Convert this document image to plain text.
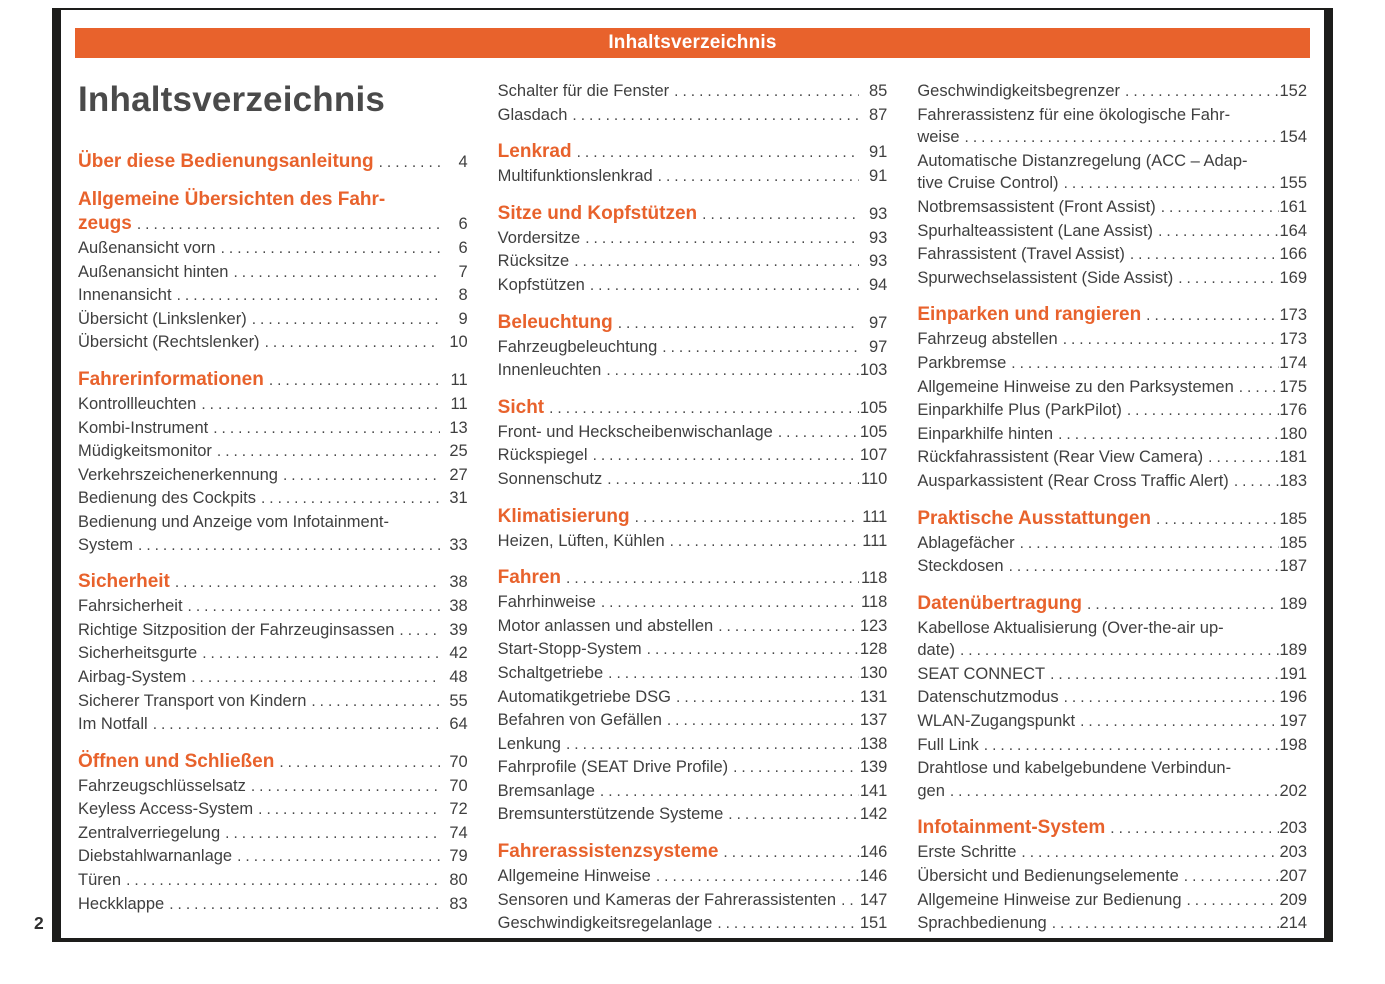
Inhaltsverzeichnis
Inhaltsverzeichnis
Über diese Bedienungsanleitung .....	4
Allgemeine Übersichten des Fahr-
zeugs .....	6
Außenansicht vorn .....	6
Außenansicht hinten .....	7
Innenansicht .....	8
Übersicht (Linkslenker) .....	9
Übersicht (Rechtslenker) .....	10
Fahrerinformationen .....	11
Kontrollleuchten .....	11
Kombi-Instrument .....	13
Müdigkeitsmonitor .....	25
Verkehrszeichenerkennung .....	27
Bedienung des Cockpits .....	31
Bedienung und Anzeige vom Infotainment-
System .....	33
Sicherheit .....	38
Fahrsicherheit .....	38
Richtige Sitzposition der Fahrzeuginsassen .....	39
Sicherheitsgurte .....	42
Airbag-System .....	48
Sicherer Transport von Kindern .....	55
Im Notfall .....	64
Öffnen und Schließen .....	70
Fahrzeugschlüsselsatz .....	70
Keyless Access-System .....	72
Zentralverriegelung .....	74
Diebstahlwarnanlage .....	79
Türen .....	80
Heckklappe .....	83
Schalter für die Fenster .....	85
Glasdach .....	87
Lenkrad .....	91
Multifunktionslenkrad .....	91
Sitze und Kopfstützen .....	93
Vordersitze .....	93
Rücksitze .....	93
Kopfstützen .....	94
Beleuchtung .....	97
Fahrzeugbeleuchtung .....	97
Innenleuchten .....	103
Sicht .....	105
Front- und Heckscheibenwischanlage .....	105
Rückspiegel .....	107
Sonnenschutz .....	110
Klimatisierung .....	111
Heizen, Lüften, Kühlen .....	111
Fahren .....	118
Fahrhinweise .....	118
Motor anlassen und abstellen .....	123
Start-Stopp-System .....	128
Schaltgetriebe .....	130
Automatikgetriebe DSG .....	131
Befahren von Gefällen .....	137
Lenkung .....	138
Fahrprofile (SEAT Drive Profile) .....	139
Bremsanlage .....	141
Bremsunterstützende Systeme .....	142
Fahrerassistenzsysteme .....	146
Allgemeine Hinweise .....	146
Sensoren und Kameras der Fahrerassistenten ..... 147
Geschwindigkeitsregelanlage .....	151
Geschwindigkeitsbegrenzer .....	152
Fahrerassistenz für eine ökologische Fahr-
weise .....	154
Automatische Distanzregelung (ACC – Adap-
tive Cruise Control) .....	155
Notbremsassistent (Front Assist) .....	161
Spurhalteassistent (Lane Assist) .....	164
Fahrassistent (Travel Assist) .....	166
Spurwechselassistent (Side Assist) .....	169
Einparken und rangieren .....	173
Fahrzeug abstellen .....	173
Parkbremse .....	174
Allgemeine Hinweise zu den Parksystemen .....	175
Einparkhilfe Plus (ParkPilot) .....	176
Einparkhilfe hinten .....	180
Rückfahrassistent (Rear View Camera) .....	181
Ausparkassistent (Rear Cross Traffic Alert) .....	183
Praktische Ausstattungen .....	185
Ablagefächer .....	185
Steckdosen .....	187
Datenübertragung .....	189
Kabellose Aktualisierung (Over-the-air up-
date) .....	189
SEAT CONNECT .....	191
Datenschutzmodus .....	196
WLAN-Zugangspunkt .....	197
Full Link .....	198
Drahtlose und kabelgebundene Verbindun-
gen .....	202
Infotainment-System .....	203
Erste Schritte .....	203
Übersicht und Bedienungselemente .....	207
Allgemeine Hinweise zur Bedienung .....	209
Sprachbedienung .....	214
2
